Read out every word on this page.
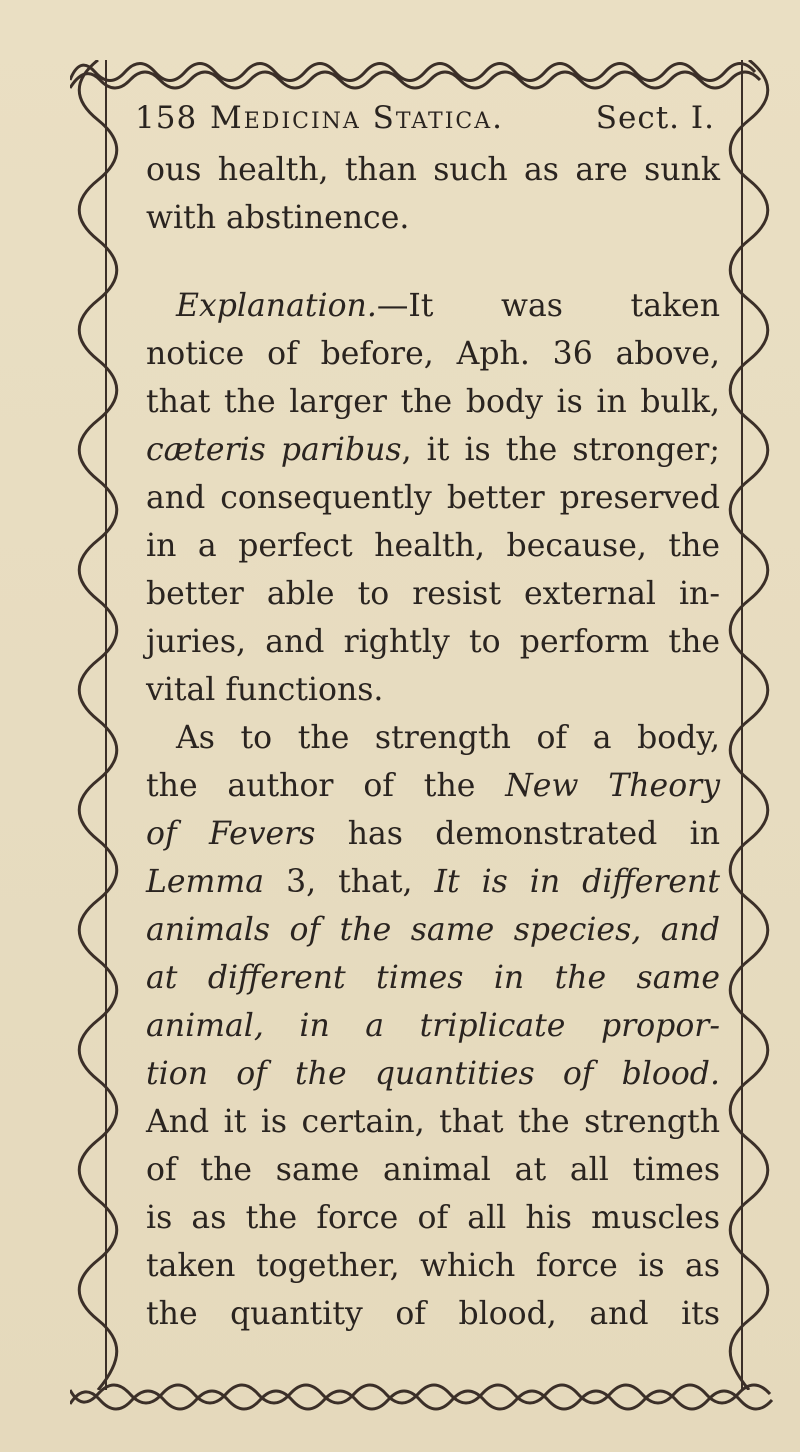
158 Medicina Statica.	Sect. I.
ous health, than such as are sunk
with abstinence.
Explanation.—It was taken
notice of before, Aph. 36 above,
that the larger the body is in bulk,
cæteris paribus, it is the stronger;
and consequently better preserved
in a perfect health, because, the
better able to resist external in-
juries, and rightly to perform the
vital functions.
As to the strength of a body,
the author of the New Theory
of Fevers has demonstrated in
Lemma 3, that, It is in different
animals of the same species, and
at different times in the same
animal, in a triplicate propor-
tion of the quantities of blood.
And it is certain, that the strength
of the same animal at all times
is as the force of all his muscles
taken together, which force is as
the quantity of blood, and its
